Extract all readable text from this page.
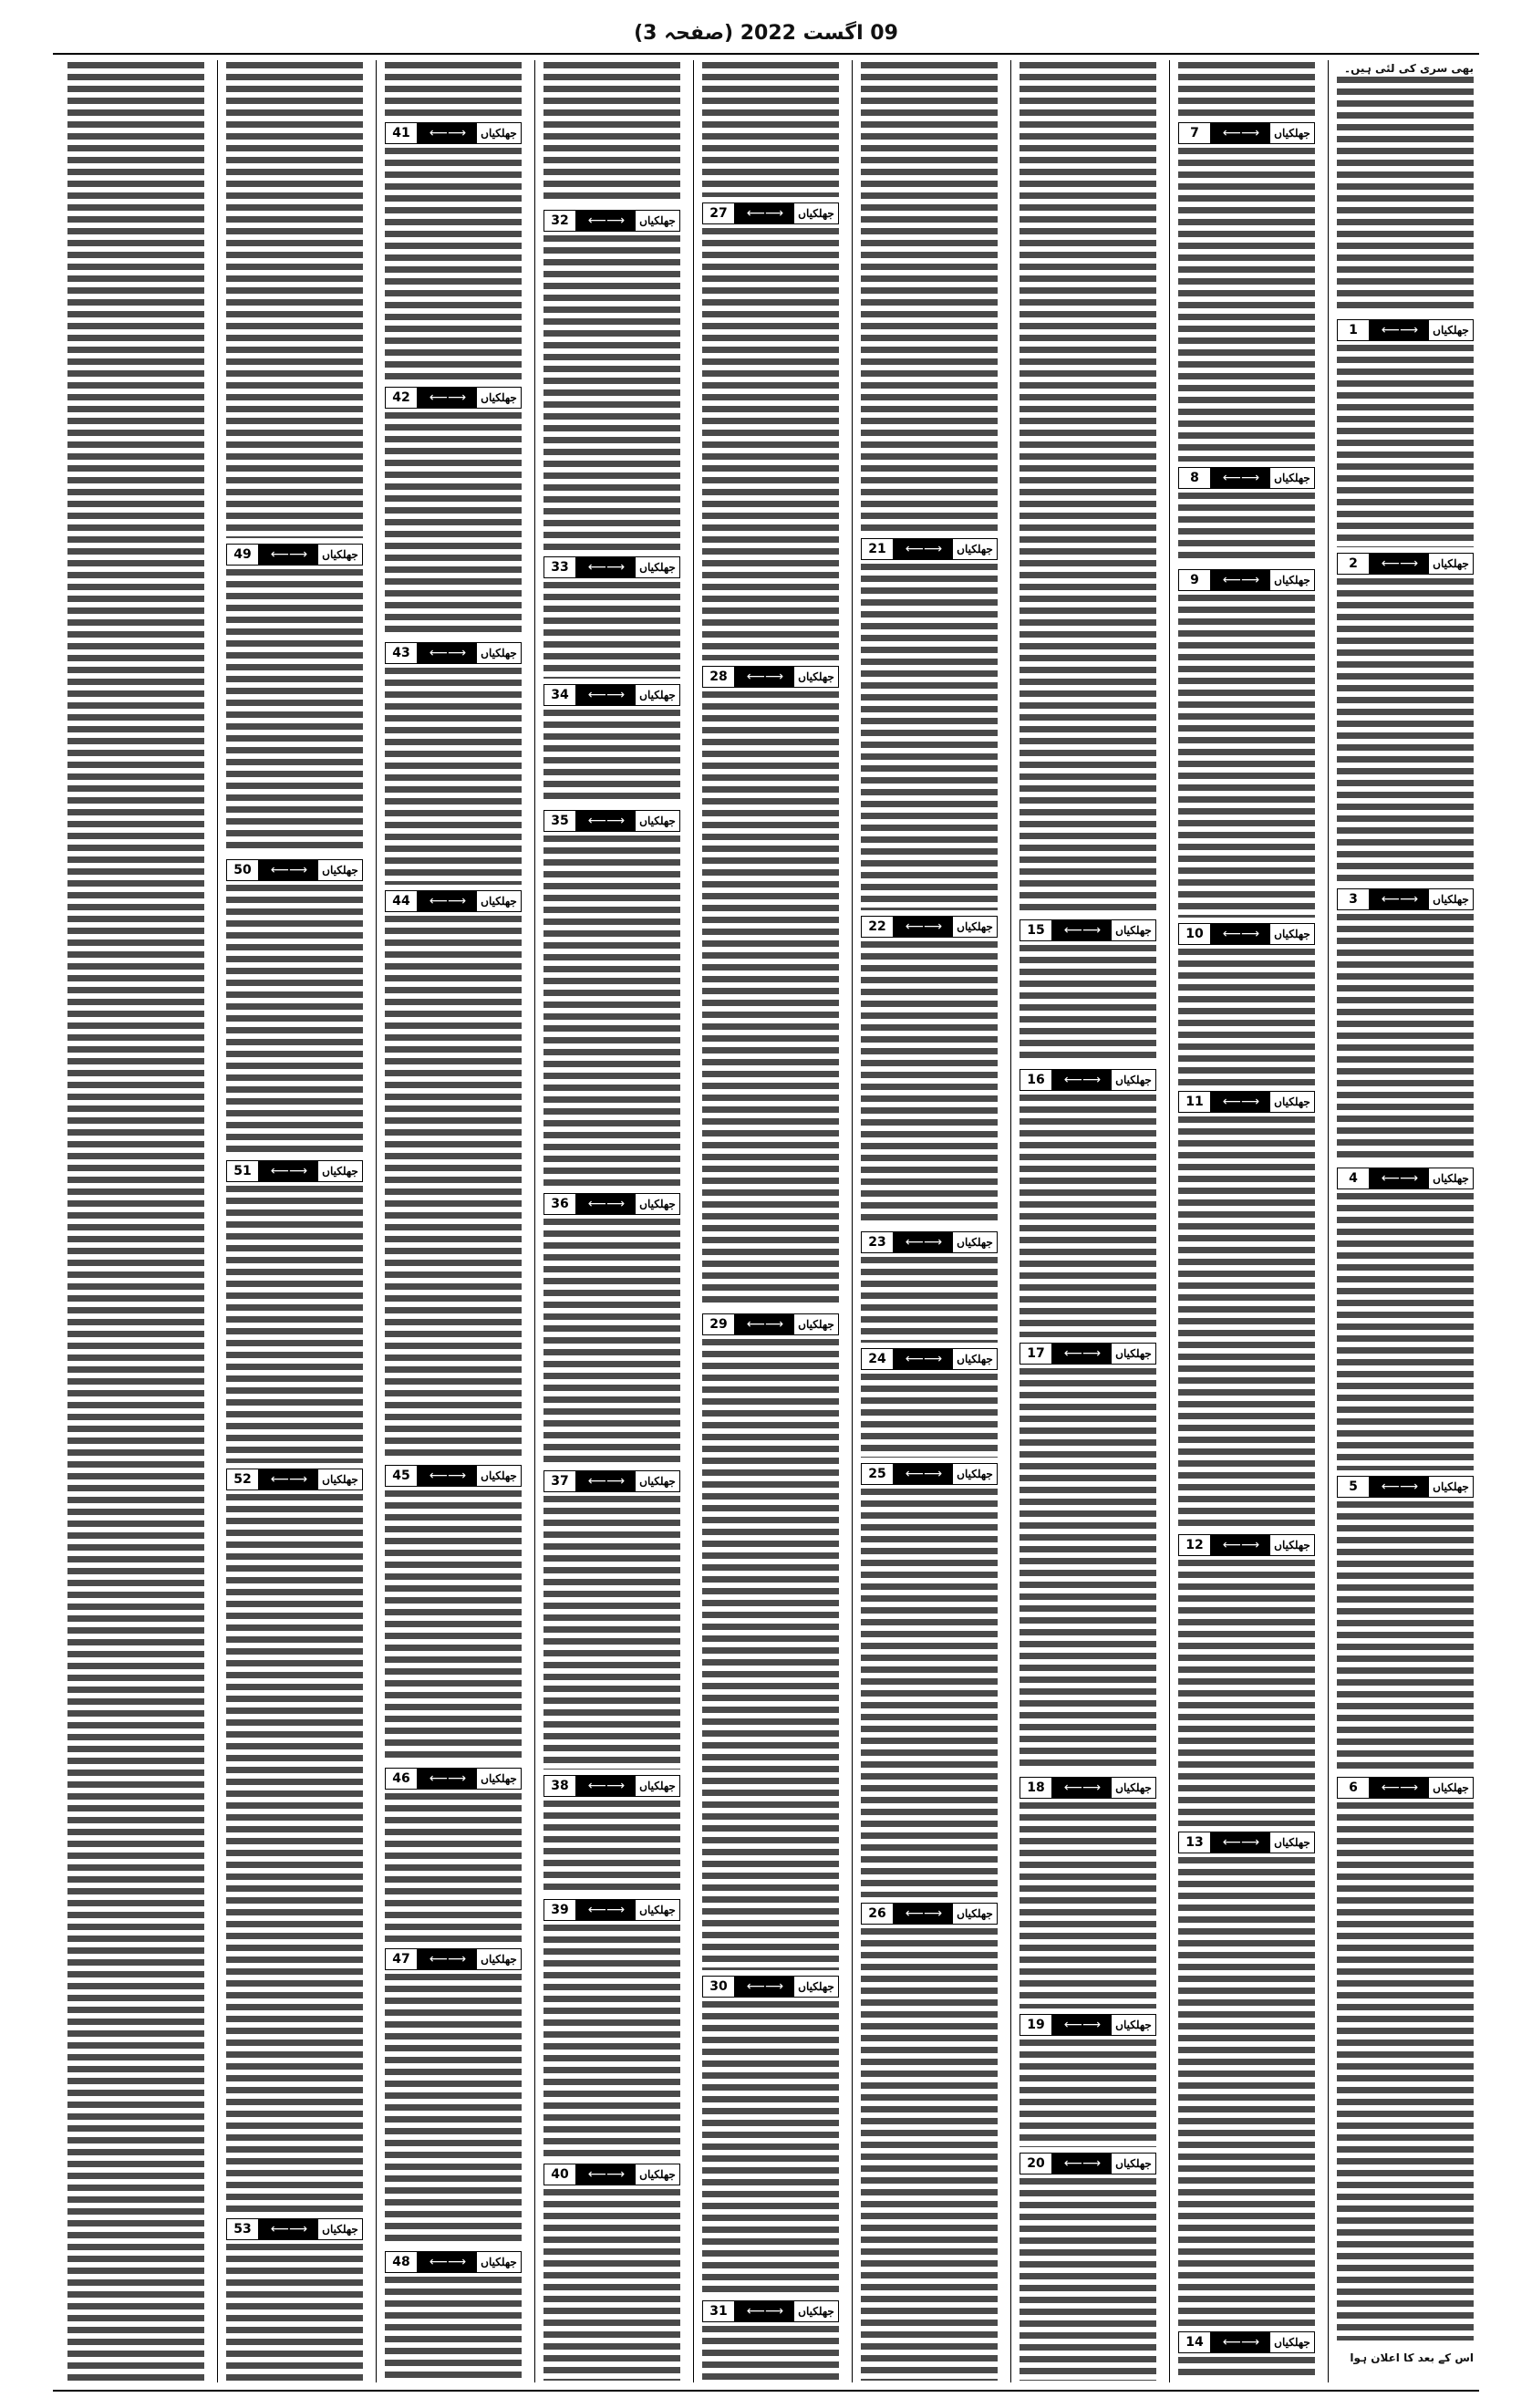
09 اگست 2022 (صفحہ 3)
بھی سری کی لئی ہیں۔
1	⟵⟶	جھلکیاں
2	⟵⟶	جھلکیاں
3	⟵⟶	جھلکیاں
4	⟵⟶	جھلکیاں
5	⟵⟶	جھلکیاں
6	⟵⟶	جھلکیاں
اس کے بعد کا اعلان ہوا
7	⟵⟶	جھلکیاں
8	⟵⟶	جھلکیاں
9	⟵⟶	جھلکیاں
10	⟵⟶	جھلکیاں
11	⟵⟶	جھلکیاں
12	⟵⟶	جھلکیاں
13	⟵⟶	جھلکیاں
14	⟵⟶	جھلکیاں
15	⟵⟶	جھلکیاں
16	⟵⟶	جھلکیاں
17	⟵⟶	جھلکیاں
18	⟵⟶	جھلکیاں
19	⟵⟶	جھلکیاں
20	⟵⟶	جھلکیاں
21	⟵⟶	جھلکیاں
22	⟵⟶	جھلکیاں
23	⟵⟶	جھلکیاں
24	⟵⟶	جھلکیاں
25	⟵⟶	جھلکیاں
26	⟵⟶	جھلکیاں
27	⟵⟶	جھلکیاں
28	⟵⟶	جھلکیاں
29	⟵⟶	جھلکیاں
30	⟵⟶	جھلکیاں
31	⟵⟶	جھلکیاں
32	⟵⟶	جھلکیاں
33	⟵⟶	جھلکیاں
34	⟵⟶	جھلکیاں
35	⟵⟶	جھلکیاں
36	⟵⟶	جھلکیاں
37	⟵⟶	جھلکیاں
38	⟵⟶	جھلکیاں
39	⟵⟶	جھلکیاں
40	⟵⟶	جھلکیاں
41	⟵⟶	جھلکیاں
42	⟵⟶	جھلکیاں
43	⟵⟶	جھلکیاں
44	⟵⟶	جھلکیاں
45	⟵⟶	جھلکیاں
46	⟵⟶	جھلکیاں
47	⟵⟶	جھلکیاں
48	⟵⟶	جھلکیاں
49	⟵⟶	جھلکیاں
50	⟵⟶	جھلکیاں
51	⟵⟶	جھلکیاں
52	⟵⟶	جھلکیاں
53	⟵⟶	جھلکیاں
